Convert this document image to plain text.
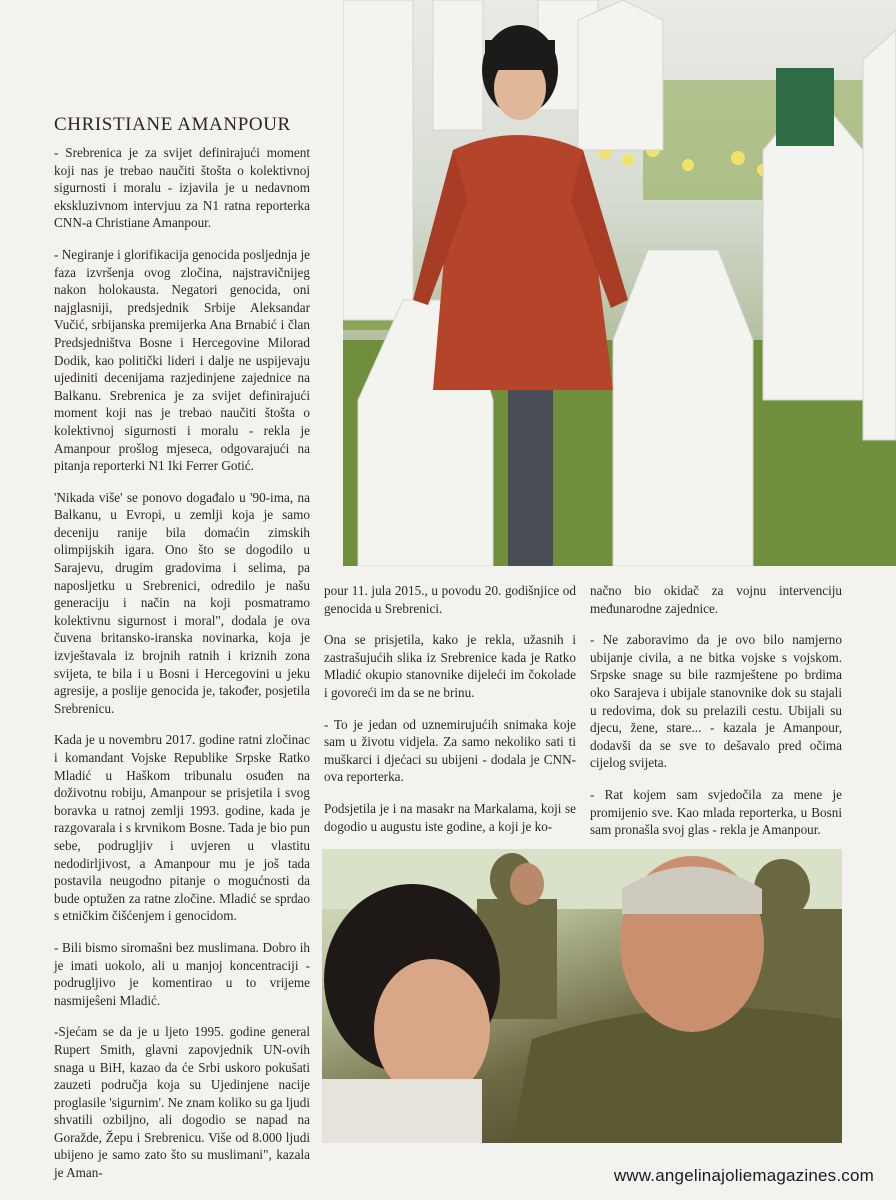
CHRISTIANE AMANPOUR

- Srebrenica je za svijet definirajući moment koji nas je trebao naučiti štošta o kolektivnoj sigurnosti i moralu - izjavila je u nedavnom ekskluzivnom intervjuu za N1 ratna reporterka CNN-a Christiane Amanpour.

- Negiranje i glorifikacija genocida posljednja je faza izvršenja ovog zločina, najstravičnijeg nakon holokausta. Negatori genocida, oni najglasniji, predsjednik Srbije Aleksandar Vučić, srbijanska premijerka Ana Brnabić i član Predsjedništva Bosne i Hercegovine Milorad Dodik, kao politički lideri i dalje ne uspijevaju ujediniti decenijama razjedinjene zajednice na Balkanu. Srebrenica je za svijet definirajući moment koji nas je trebao naučiti štošta o kolektivnoj sigurnosti i moralu - rekla je Amanpour prošlog mjeseca, odgovarajući na pitanja reporterki N1 Iki Ferrer Gotić.

'Nikada više' se ponovo događalo u '90-ima, na Balkanu, u Evropi, u zemlji koja je samo deceniju ranije bila domaćin zimskih olimpijskih igara. Ono što se dogodilo u Sarajevu, drugim gradovima i selima, pa naposljetku u Srebrenici, odredilo je našu generaciju i način na koji posmatramo kolektivnu sigurnost i moral", dodala je ova čuvena britansko-iranska novinarka, koja je izvještavala iz brojnih ratnih i kriznih zona svijeta, te bila i u Bosni i Hercegovini u jeku agresije, a poslije genocida je, također, posjetila Srebrenicu.

Kada je u novembru 2017. godine ratni zločinac i komandant Vojske Republike Srpske Ratko Mladić u Haškom tribunalu osuđen na doživotnu robiju, Amanpour se prisjetila i svog boravka u ratnoj zemlji 1993. godine, kada je razgovarala i s krvnikom Bosne. Tada je bio pun sebe, podrugljiv i uvjeren u vlastitu nedodirljivost, a Amanpour mu je još tada postavila neugodno pitanje o mogućnosti da bude optužen za ratne zločine. Mladić se sprdao s etničkim čišćenjem i genocidom.

- Bili bismo siromašni bez muslimana. Dobro ih je imati uokolo, ali u manjoj koncentraciji - podrugljivo je komentirao u to vrijeme nasmijeŝeni Mladić.

-Sjećam se da je u ljeto 1995. godine general Rupert Smith, glavni zapovjednik UN-ovih snaga u BiH, kazao da će Srbi uskoro pokušati zauzeti područja koja su Ujedinjene nacije proglasile 'sigurnim'. Ne znam koliko su ga ljudi shvatili ozbiljno, ali dogodio se napad na Goražde, Žepu i Srebrenicu. Više od 8.000 ljudi ubijeno je samo zato što su muslimani", kazala je Aman-

pour 11. jula 2015., u povodu 20. godišnjice od genocida u Srebrenici.

Ona se prisjetila, kako je rekla, užasnih i zastrašujućih slika iz Srebrenice kada je Ratko Mladić okupio stanovnike dijeleći im čokolade i govoreći im da se ne brinu.

- To je jedan od uznemirujućih snimaka koje sam u životu vidjela. Za samo nekoliko sati ti muškarci i djećaci su ubijeni - dodala je CNN-ova reporterka.

Podsjetila je i na masakr na Markalama, koji se dogodio u augustu iste godine, a koji je ko-

načno bio okidač za vojnu intervenciju međunarodne zajednice.

- Ne zaboravimo da je ovo bilo namjerno ubijanje civila, a ne bitka vojske s vojskom. Srpske snage su bile razmještene po brdima oko Sarajeva i ubijale stanovnike dok su stajali u redovima, dok su prelazili cestu. Ubijali su djecu, žene, stare... - kazala je Amanpour, dodavši da se sve to dešavalo pred očima cijelog svijeta.

- Rat kojem sam svjedočila za mene je promijenio sve. Kao mlada reporterka, u Bosni sam pronašla svoj glas - rekla je Amanpour.

www.angelinajoliemagazines.com
